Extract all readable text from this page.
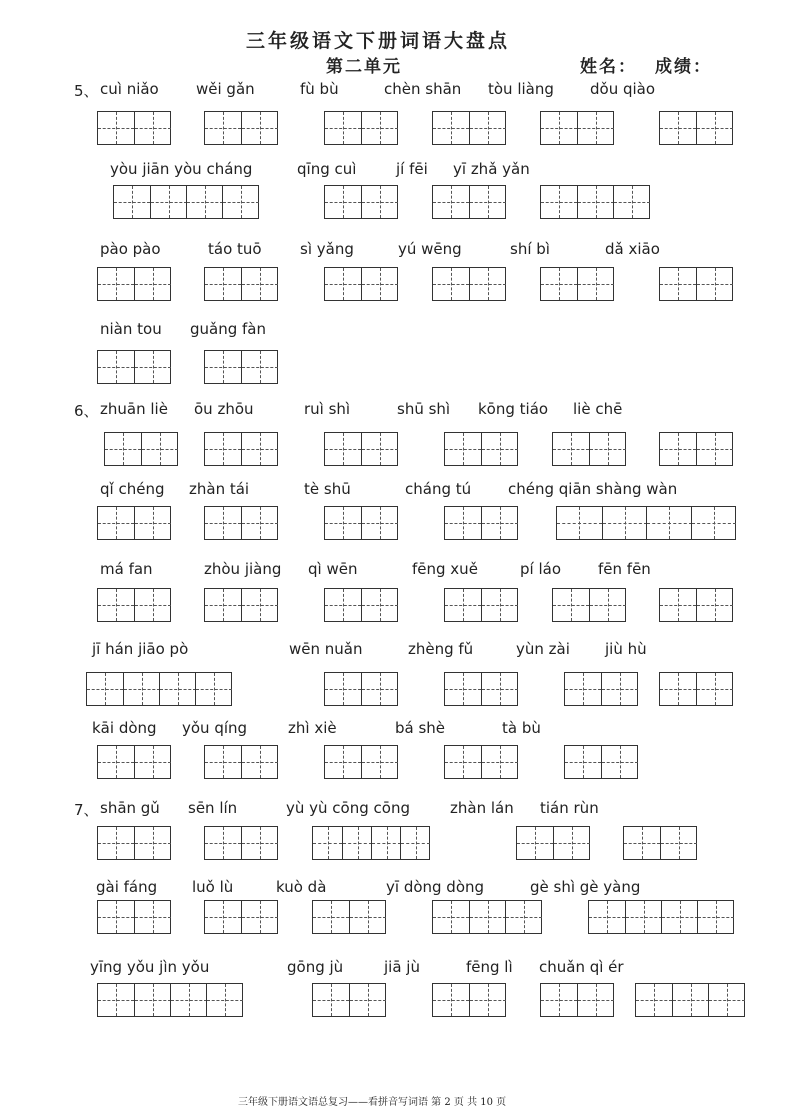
三年级语文下册词语大盘点
第二单元	姓名： 成绩：
5、
6、
7、
cuì niǎo wěi gǎn	fù bù	chèn shān tòu liàng dǒu qiào
yòu jiān yòu cháng	qīng cuì	jí fēi yī zhǎ yǎn
pào pào	táo tuō	sì yǎng	yú wēng	shí bì	dǎ xiāo
niàn tou guǎng fàn
zhuān liè ōu zhōu	ruì shì	shū shì kōng tiáo liè chē
qǐ chéng zhàn tái	tè shū	cháng tú chéng qiān shàng wàn
má fan	zhòu jiàng qì wēn	fēng xuě	pí láo fēn fēn
jī hán jiāo pò	wēn nuǎn	zhèng fǔ	yùn zài jiù hù
kāi dòng yǒu qíng	zhì xiè	bá shè	tà bù
shān gǔ sēn lín	yù yù cōng cōng	zhàn lán tián rùn
gài fáng luǒ lù	kuò dà	yī dòng dòng	gè shì gè yàng
yīng yǒu jìn yǒu	gōng jù	jiā jù	fēng lì chuǎn qì ér
三年级下册语文语总复习——看拼音写词语 第 2 页 共 10 页
